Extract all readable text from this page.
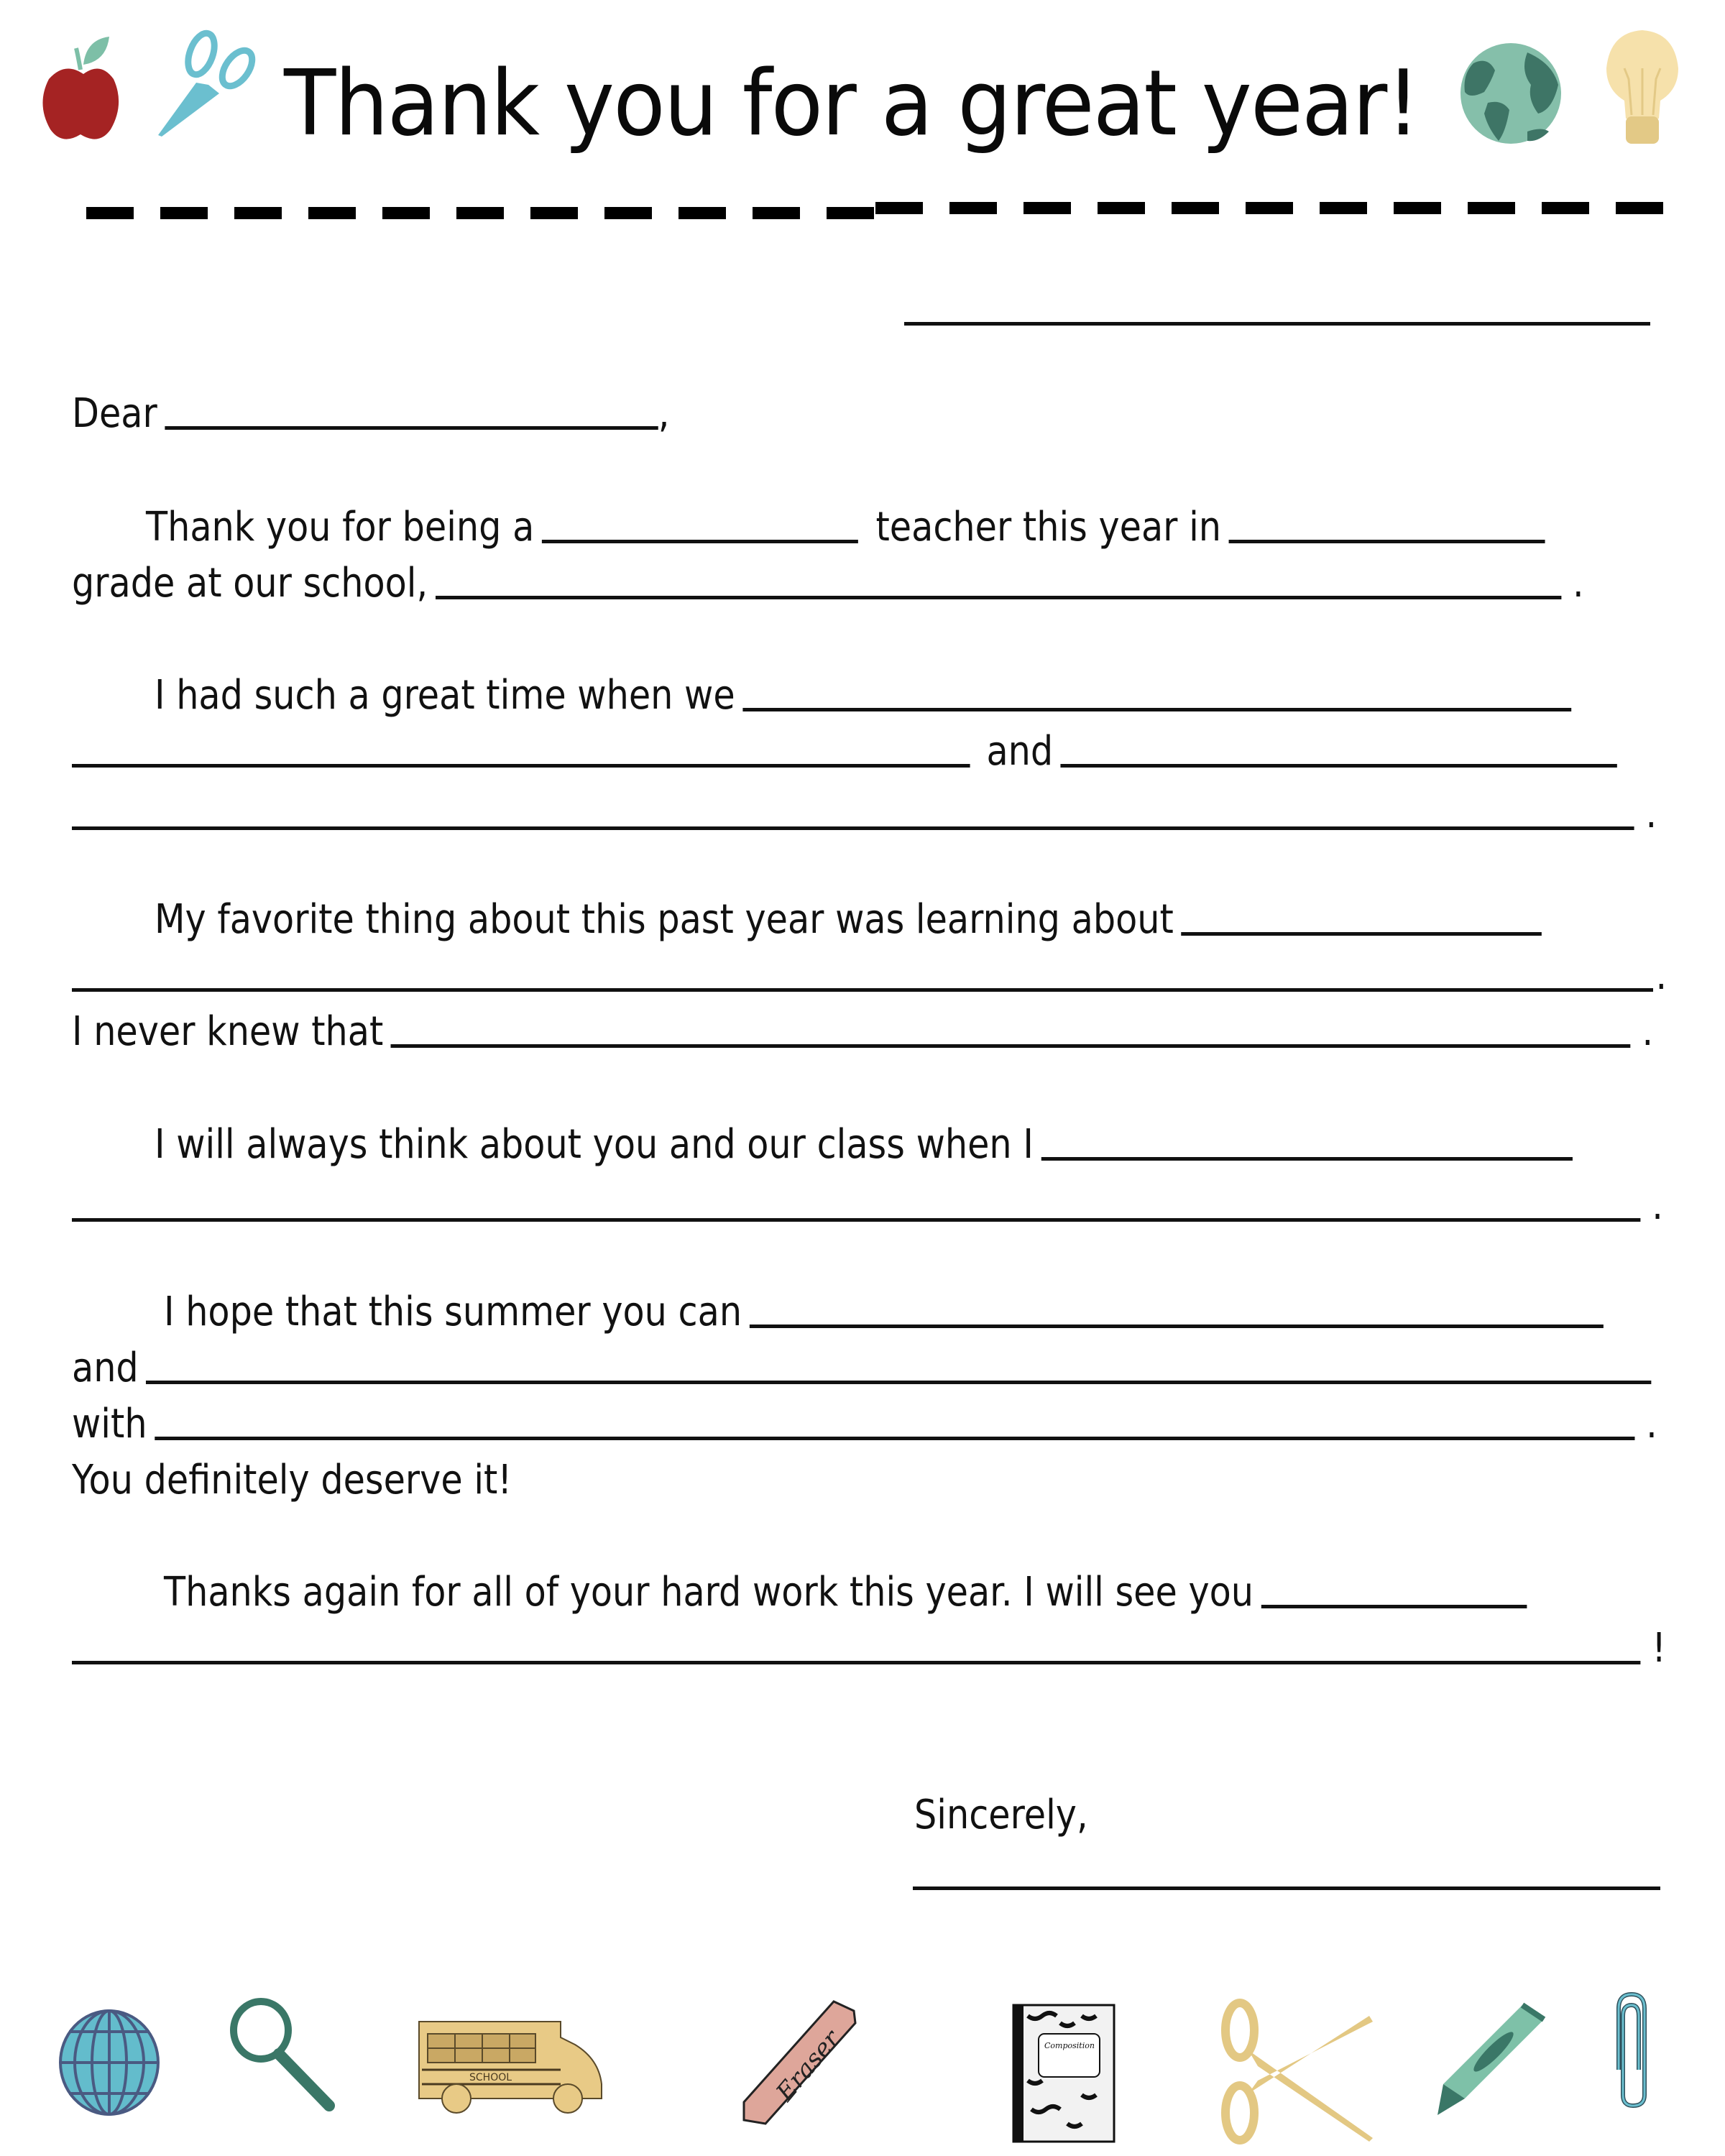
Thank you for a great year!
Dear	,
Thank you for being a	teacher this year in
grade at our school,	.
I had such a great time when we
and
.
My favorite thing about this past year was learning about
.
I never knew that	.
I will always think about you and our class when I
.
I hope that this summer you can
and
with	.
You definitely deserve it!
Thanks again for all of your hard work this year. I will see you
!
Sincerely,
SCHOOL	Eraser	Composition
